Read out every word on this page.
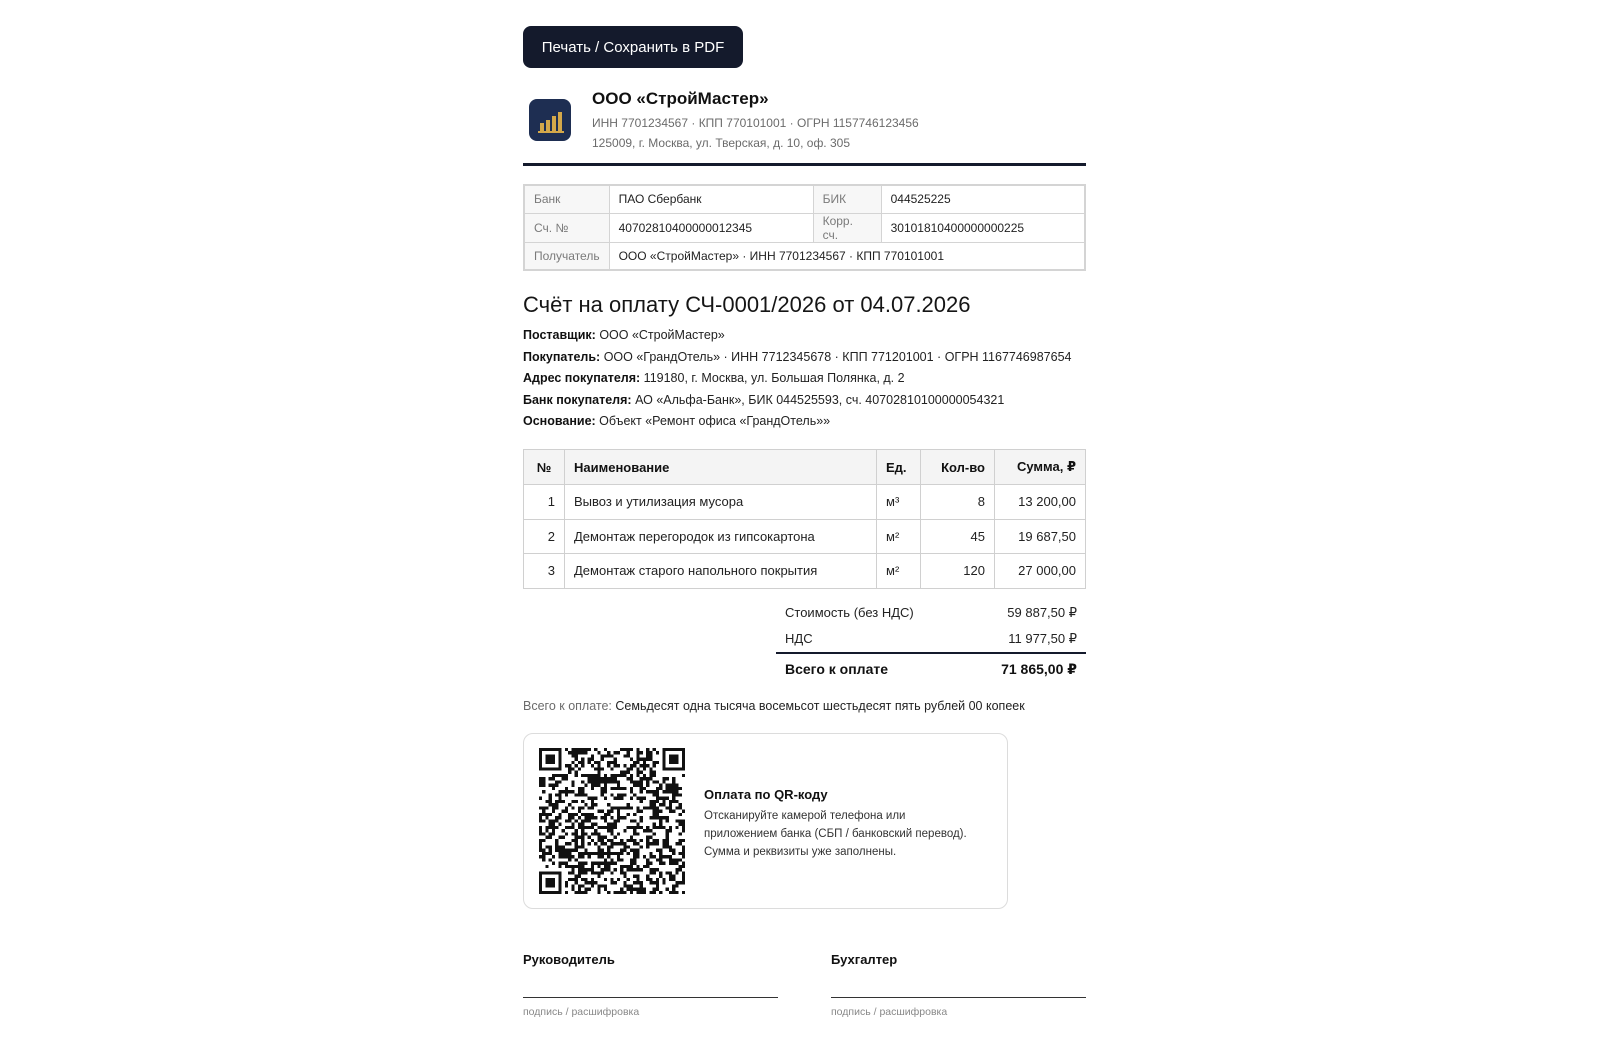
Печать / Сохранить в PDF
ООО «СтройМастер»
ИНН 7701234567 · КПП 770101001 · ОГРН 1157746123456
125009, г. Москва, ул. Тверская, д. 10, оф. 305
Банк	ПАО Сбербанк	БИК	044525225
Сч. №	40702810400000012345	Корр. сч.	30101810400000000225
Получатель	ООО «СтройМастер» · ИНН 7701234567 · КПП 770101001		
Счёт на оплату СЧ-0001/2026 от 04.07.2026
Поставщик: ООО «СтройМастер»
Покупатель: ООО «ГрандОтель» · ИНН 7712345678 · КПП 771201001 · ОГРН 1167746987654
Адрес покупателя: 119180, г. Москва, ул. Большая Полянка, д. 2
Банк покупателя: АО «Альфа-Банк», БИК 044525593, сч. 40702810100000054321
Основание: Объект «Ремонт офиса «ГрандОтель»»
№	Наименование	Ед.	Кол-во	Сумма, ₽
1	Вывоз и утилизация мусора	м³	8	13 200,00
2	Демонтаж перегородок из гипсокартона	м²	45	19 687,50
3	Демонтаж старого напольного покрытия	м²	120	27 000,00
Стоимость (без НДС)	59 887,50 ₽
НДС	11 977,50 ₽
Всего к оплате	71 865,00 ₽
Всего к оплате: Семьдесят одна тысяча восемьсот шестьдесят пять рублей 00 копеек
Оплата по QR-коду
Отсканируйте камерой телефона или
приложением банка (СБП / банковский перевод).
Сумма и реквизиты уже заполнены.
Руководитель
подпись / расшифровка
Бухгалтер
подпись / расшифровка
